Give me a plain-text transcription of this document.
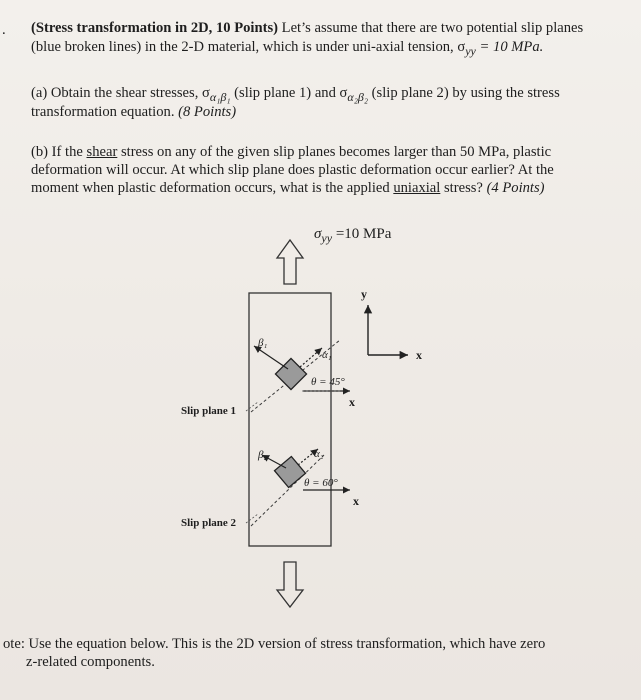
. (Stress transformation in 2D, 10 Points) Let’s assume that there are two potential slip planes
(blue broken lines) in the 2-D material, which is under uni-axial tension, $\sigma_{yy} = 10$ MPa.
(a) Obtain the shear stresses, $\sigma_{\alpha_1\beta_1}$ (slip plane 1) and $\sigma_{\alpha_2\beta_2}$ (slip plane 2) by using the stress
transformation equation. (8 Points)
(b) If the shear stress on any of the given slip planes becomes larger than 50 MPa, plastic
deformation will occur. At which slip plane does plastic deformation occur earlier? At the
moment when plastic deformation occurs, what is the applied uniaxial stress? (4 Points)
$\sigma_{yy} =10$ MPa
y
x
β₁
α₁
θ = 45°
x
β₂	α₂
θ = 60°
x
Slip plane 1
Slip plane 2
ote: Use the equation below. This is the 2D version of stress transformation, which have zero
z-related components.
